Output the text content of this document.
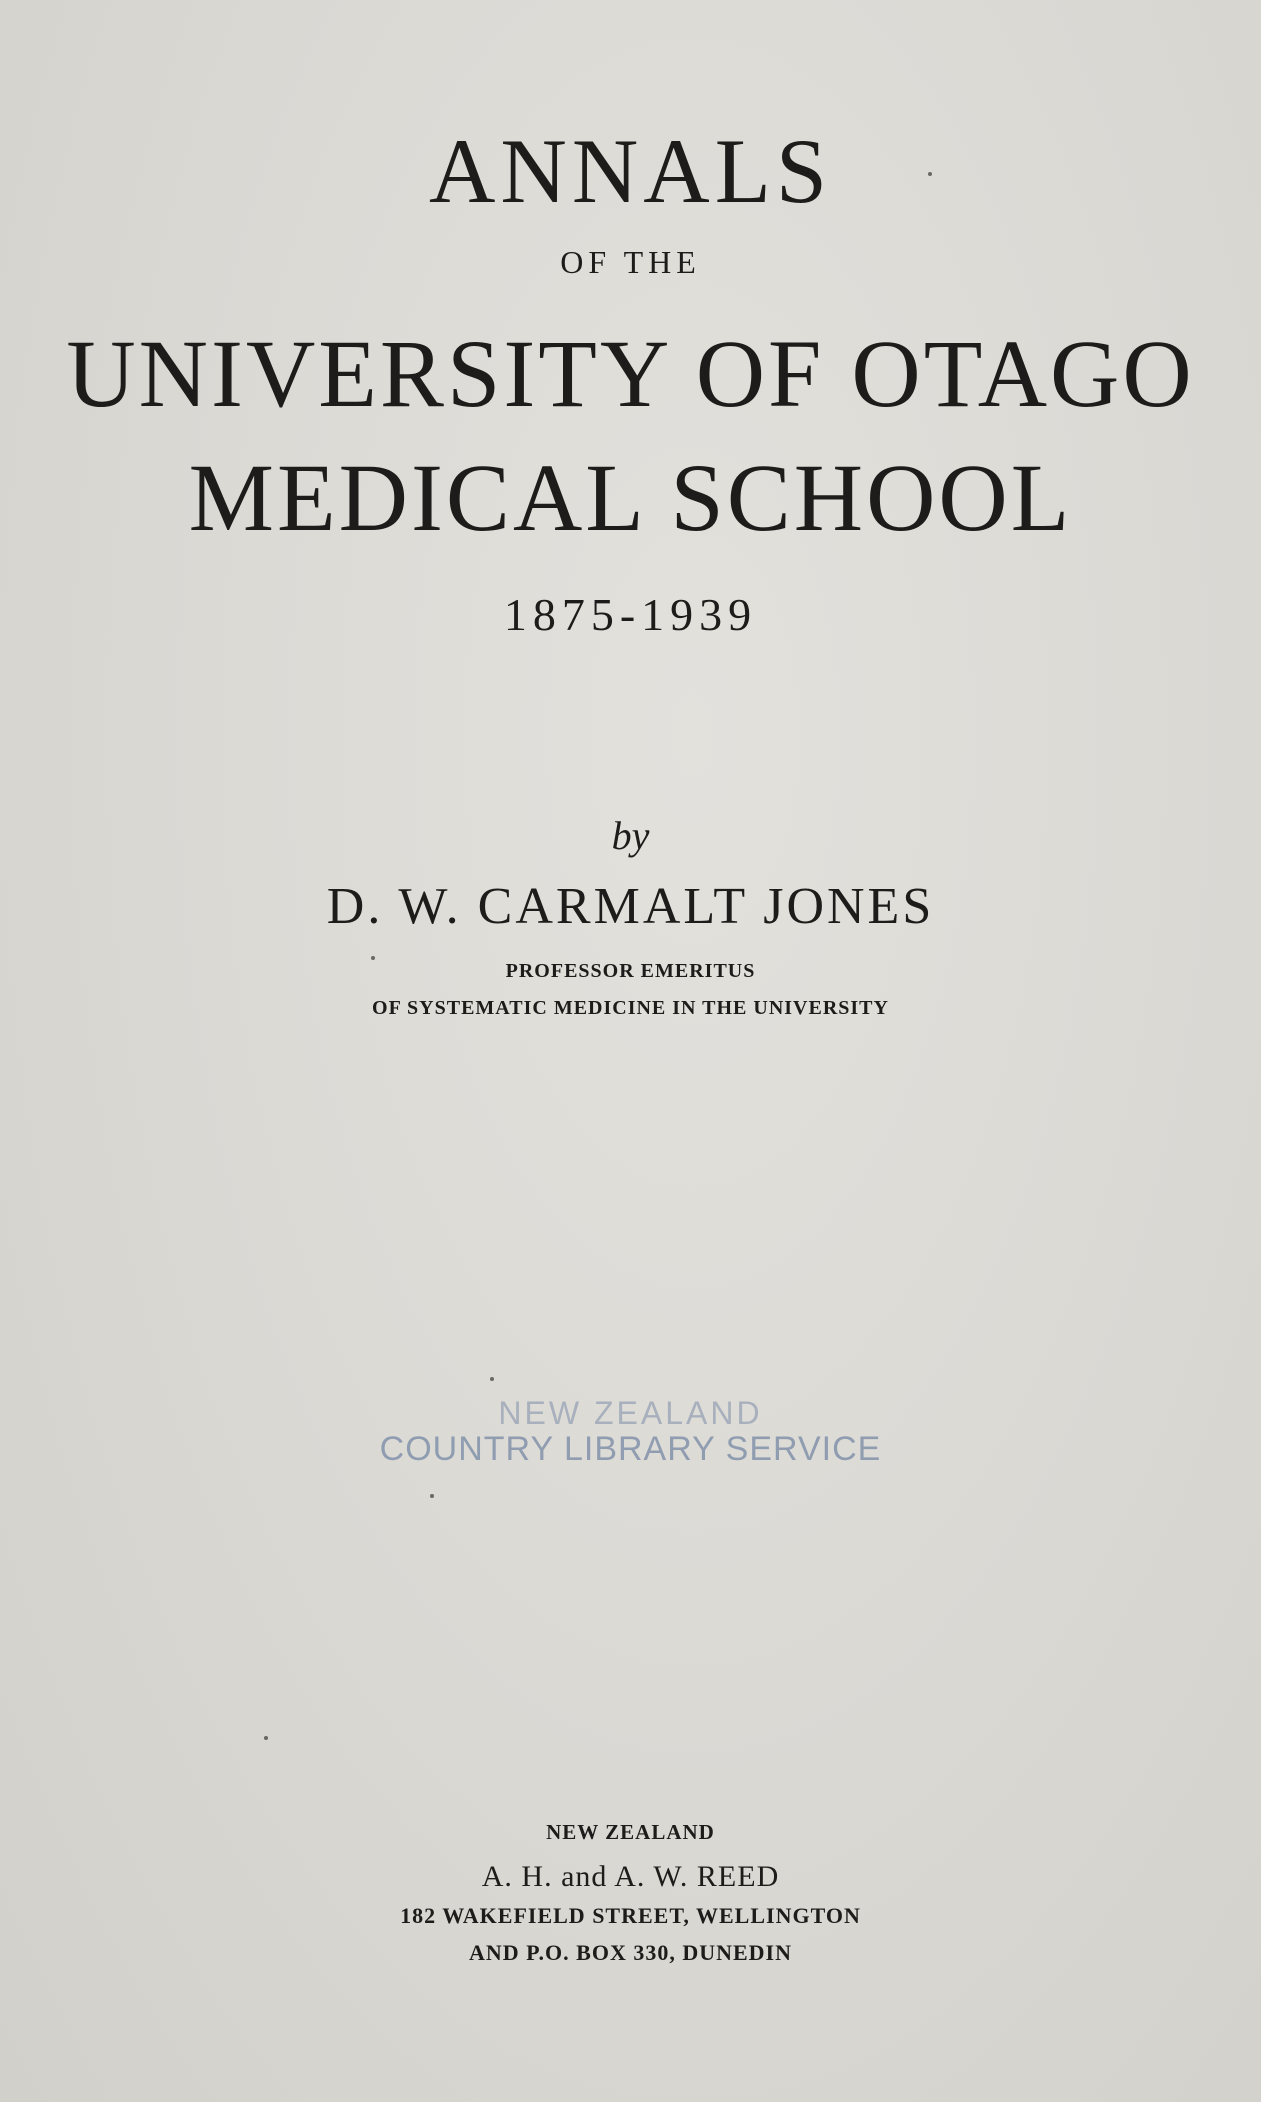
ANNALS
OF THE
UNIVERSITY OF OTAGO
MEDICAL SCHOOL
1875-1939
by
D. W. CARMALT JONES
PROFESSOR EMERITUS
OF SYSTEMATIC MEDICINE IN THE UNIVERSITY
NEW ZEALAND
COUNTRY LIBRARY SERVICE
NEW ZEALAND
A. H. and A. W. REED
182 WAKEFIELD STREET, WELLINGTON
AND P.O. BOX 330, DUNEDIN
